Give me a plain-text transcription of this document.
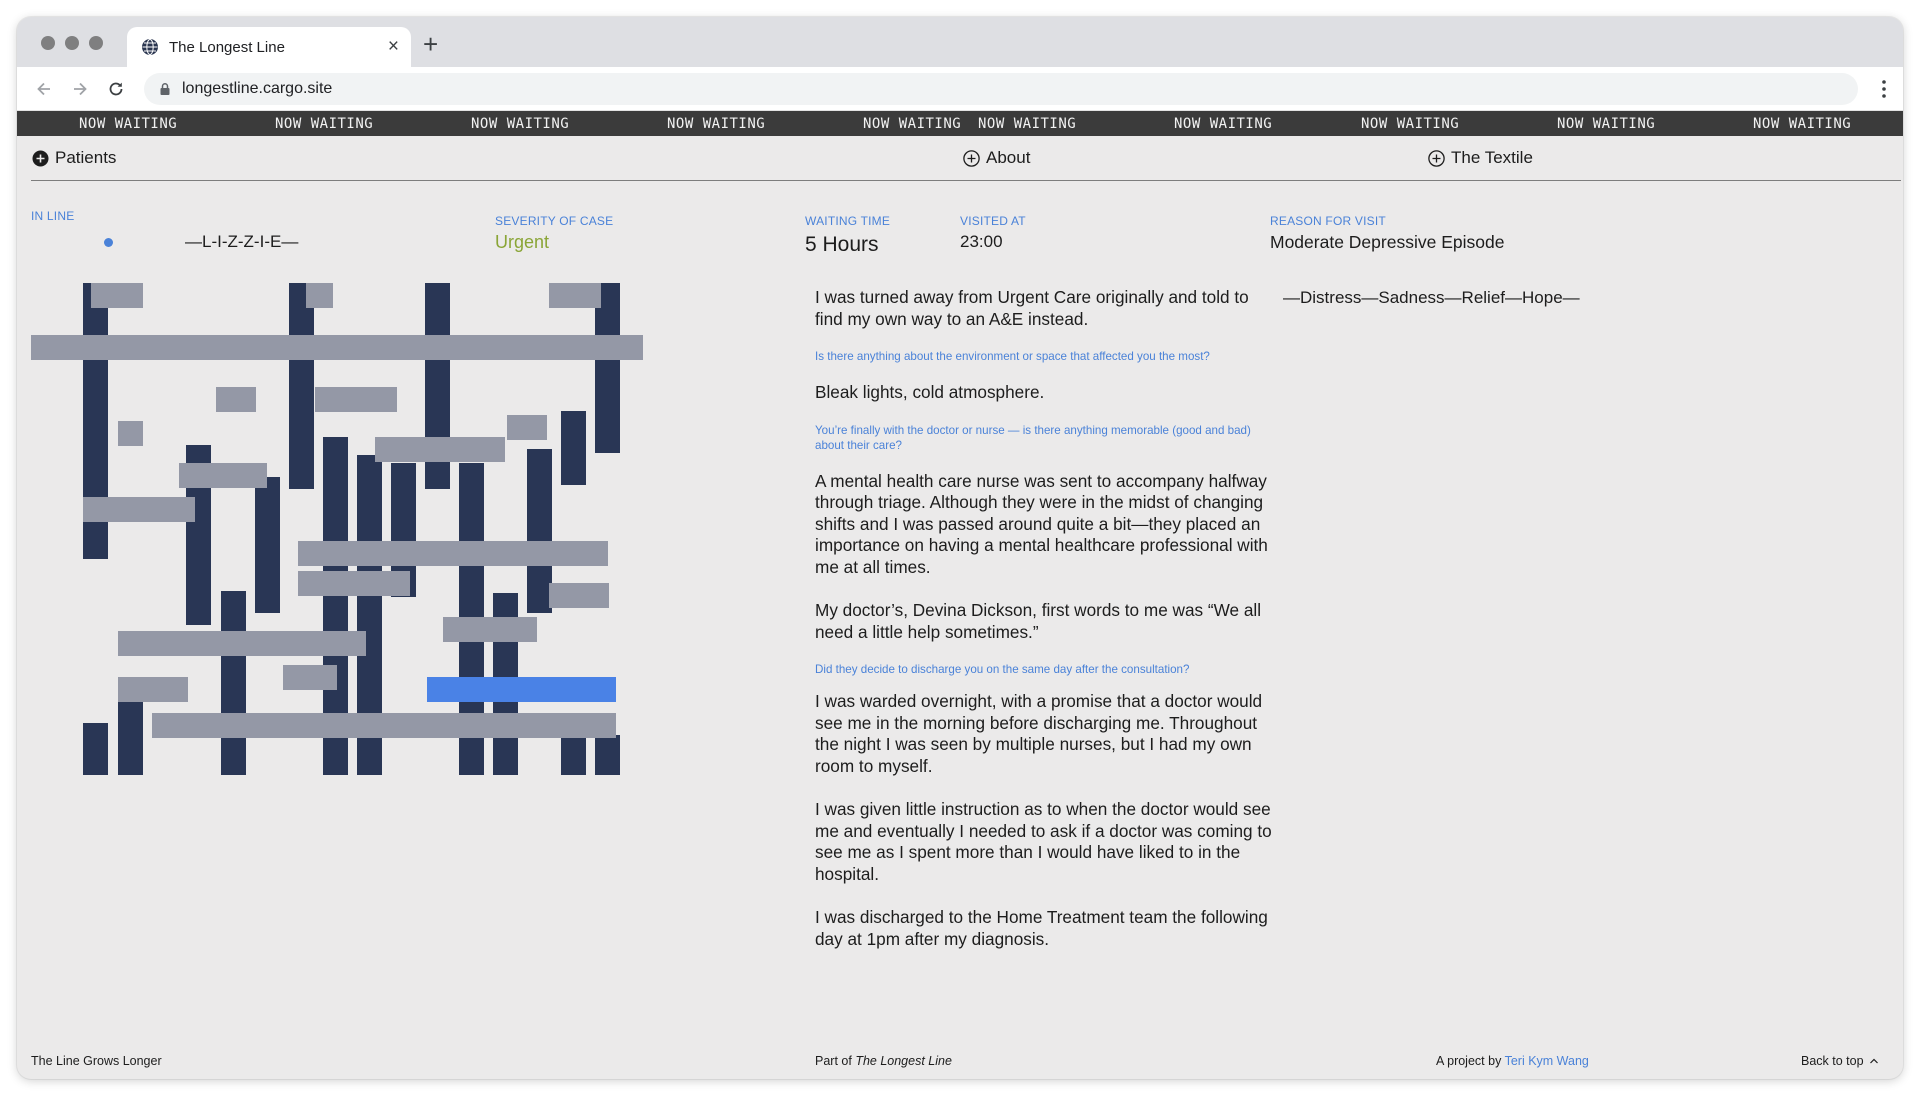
The Longest Line	× +
longestline.cargo.site
NOW WAITING	NOW WAITING	NOW WAITING	NOW WAITING	NOW WAITING NOW WAITING	NOW WAITING	NOW WAITING	NOW WAITING	NOW WAITING
Patients	About	The Textile
IN LINE
—L-I-Z-Z-I-E—
SEVERITY OF CASE
Urgent
WAITING TIME
5 Hours
VISITED AT
23:00
REASON FOR VISIT
Moderate Depressive Episode

I was turned away from Urgent Care originally and told to find my own way to an A&E instead.

Is there anything about the environment or space that affected you the most?

Bleak lights, cold atmosphere.

You’re finally with the doctor or nurse — is there anything memorable (good and bad) about their care?

A mental health care nurse was sent to accompany halfway through triage. Although they were in the midst of changing shifts and I was passed around quite a bit—they placed an importance on having a mental healthcare professional with me at all times.

My doctor’s, Devina Dickson, first words to me was “We all need a little help sometimes.”

Did they decide to discharge you on the same day after the consultation?

I was warded overnight, with a promise that a doctor would see me in the morning before discharging me. Throughout the night I was seen by multiple nurses, but I had my own room to myself.

I was given little instruction as to when the doctor would see me and eventually I needed to ask if a doctor was coming to see me as I spent more than I would have liked to in the hospital.

I was discharged to the Home Treatment team the following day at 1pm after my diagnosis.

—Distress—Sadness—Relief—Hope—
The Line Grows Longer	Part of The Longest Line	A project by Teri Kym Wang	Back to top
